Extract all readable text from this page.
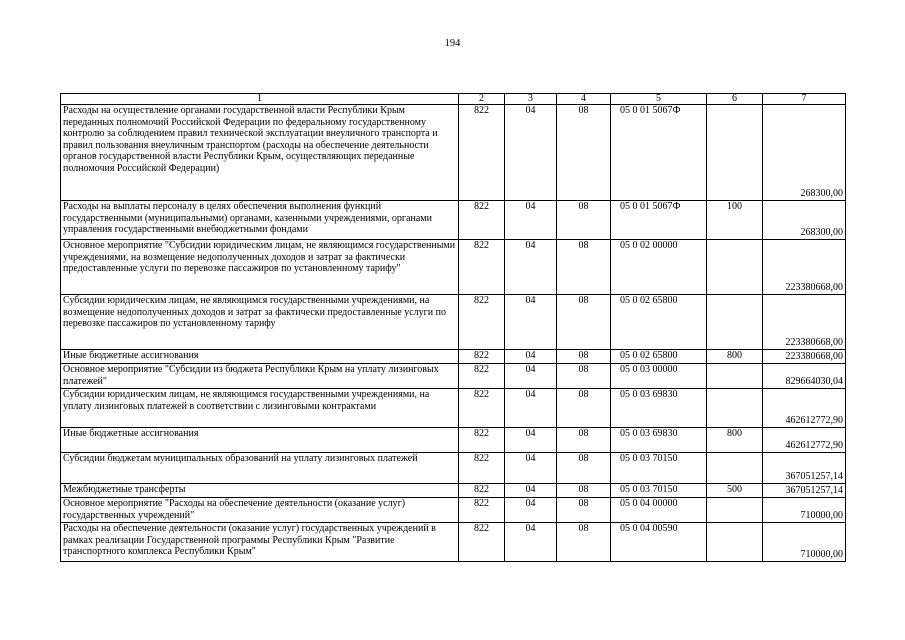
194
1	2	3	4	5	6	7
Расходы на осуществление органами государственной власти Республики Крым переданных полномочий Российской Федерации по федеральному государственному контролю за соблюдением правил технической эксплуатации внеуличного транспорта и правил пользования внеуличным транспортом (расходы на обеспечение деятельности органов государственной власти Республики Крым, осуществляющих переданные полномочия Российской Федерации)	822	04	08	05 0 01 5067Ф		268300,00
Расходы на выплаты персоналу в целях обеспечения выполнения функций государственными (муниципальными) органами, казенными учреждениями, органами управления государственными внебюджетными фондами	822	04	08	05 0 01 5067Ф	100	268300,00
Основное мероприятие "Субсидии юридическим лицам, не являющимся государственными учреждениями, на возмещение недополученных доходов и затрат за фактически предоставленные услуги по перевозке пассажиров по установленному тарифу"	822	04	08	05 0 02 00000		223380668,00
Субсидии юридическим лицам, не являющимся государственными учреждениями, на возмещение недополученных доходов и затрат за фактически предоставленные услуги по перевозке пассажиров по установленному тарифу	822	04	08	05 0 02 65800		223380668,00
Иные бюджетные ассигнования	822	04	08	05 0 02 65800	800	223380668,00
Основное мероприятие "Субсидии из бюджета Республики Крым на уплату лизинговых платежей"	822	04	08	05 0 03 00000		829664030,04
Субсидии юридическим лицам, не являющимся государственными учреждениями, на уплату лизинговых платежей в соответствии с лизинговыми контрактами	822	04	08	05 0 03 69830		462612772,90
Иные бюджетные ассигнования	822	04	08	05 0 03 69830	800	462612772,90
Субсидии бюджетам муниципальных образований на уплату лизинговых платежей	822	04	08	05 0 03 70150		367051257,14
Межбюджетные трансферты	822	04	08	05 0 03 70150	500	367051257,14
Основное мероприятие "Расходы на обеспечение деятельности (оказание услуг) государственных учреждений"	822	04	08	05 0 04 00000		710000,00
Расходы на обеспечение деятельности (оказание услуг) государственных учреждений в рамках реализации Государственной программы Республики Крым "Развитие транспортного комплекса Республики Крым"	822	04	08	05 0 04 00590		710000,00
